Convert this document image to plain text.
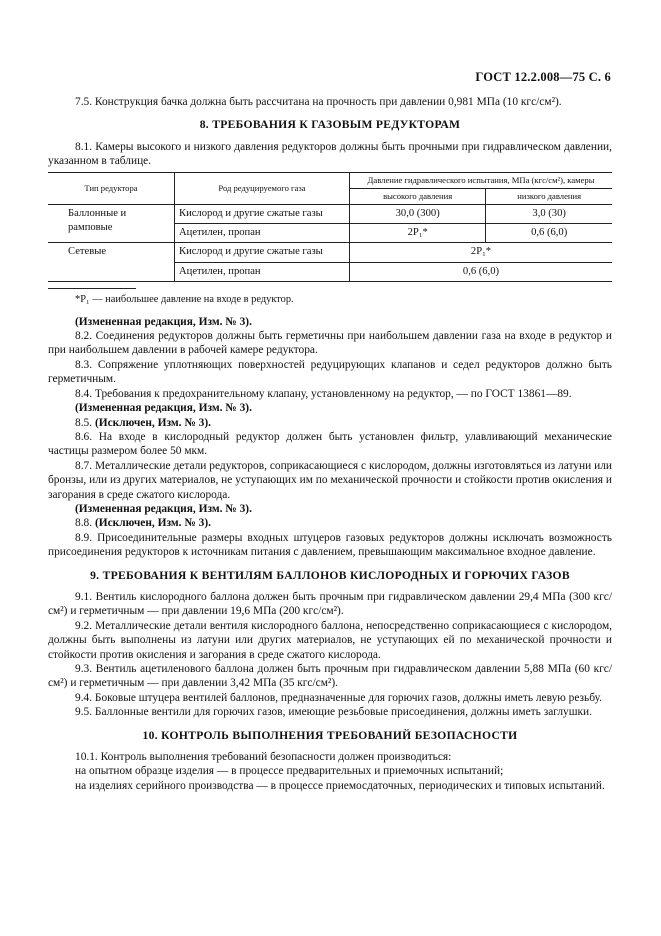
ГОСТ 12.2.008—75 С. 6

7.5. Конструкция бачка должна быть рассчитана на прочность при давлении 0,981 МПа (10 кгс/см²).

8. ТРЕБОВАНИЯ К ГАЗОВЫМ РЕДУКТОРАМ

8.1. Камеры высокого и низкого давления редукторов должны быть прочными при гидравлическом давлении, указанном в таблице.

Тип редуктора	Род редуцируемого газа	Давление гидравлического испытания, МПа (кгс/см²), камеры	
		высокого давления	низкого давления
Баллонные и рамповые	Кислород и другие сжатые газы	30,0 (300)	3,0 (30)
	Ацетилен, пропан	2P₁*	0,6 (6,0)
Сетевые	Кислород и другие сжатые газы	2P₁*	
	Ацетилен, пропан	0,6 (6,0)	

*P₁ — наибольшее давление на входе в редуктор.

(Измененная редакция, Изм. № 3).

8.2. Соединения редукторов должны быть герметичны при наибольшем давлении газа на входе в редуктор и при наибольшем давлении в рабочей камере редуктора.

8.3. Сопряжение уплотняющих поверхностей редуцирующих клапанов и седел редукторов должно быть герметичным.

8.4. Требования к предохранительному клапану, установленному на редуктор, — по ГОСТ 13861—89.

(Измененная редакция, Изм. № 3).

8.5. (Исключен, Изм. № 3).

8.6. На входе в кислородный редуктор должен быть установлен фильтр, улавливающий механические частицы размером более 50 мкм.

8.7. Металлические детали редукторов, соприкасающиеся с кислородом, должны изготовляться из латуни или бронзы, или из других материалов, не уступающих им по механической прочности и стойкости против окисления и загорания в среде сжатого кислорода.

(Измененная редакция, Изм. № 3).

8.8. (Исключен, Изм. № 3).

8.9. Присоединительные размеры входных штуцеров газовых редукторов должны исключать возможность присоединения редукторов к источникам питания с давлением, превышающим максимальное входное давление.

9. ТРЕБОВАНИЯ К ВЕНТИЛЯМ БАЛЛОНОВ КИСЛОРОДНЫХ И ГОРЮЧИХ ГАЗОВ

9.1. Вентиль кислородного баллона должен быть прочным при гидравлическом давлении 29,4 МПа (300 кгс/см²) и герметичным — при давлении 19,6 МПа (200 кгс/см²).

9.2. Металлические детали вентиля кислородного баллона, непосредственно соприкасающиеся с кислородом, должны быть выполнены из латуни или других материалов, не уступающих ей по механической прочности и стойкости против окисления и загорания в среде сжатого кислорода.

9.3. Вентиль ацетиленового баллона должен быть прочным при гидравлическом давлении 5,88 МПа (60 кгс/см²) и герметичным — при давлении 3,42 МПа (35 кгс/см²).

9.4. Боковые штуцера вентилей баллонов, предназначенные для горючих газов, должны иметь левую резьбу.

9.5. Баллонные вентили для горючих газов, имеющие резьбовые присоединения, должны иметь заглушки.

10. КОНТРОЛЬ ВЫПОЛНЕНИЯ ТРЕБОВАНИЙ БЕЗОПАСНОСТИ

10.1. Контроль выполнения требований безопасности должен производиться:

на опытном образце изделия — в процессе предварительных и приемочных испытаний;

на изделиях серийного производства — в процессе приемосдаточных, периодических и типовых испытаний.
